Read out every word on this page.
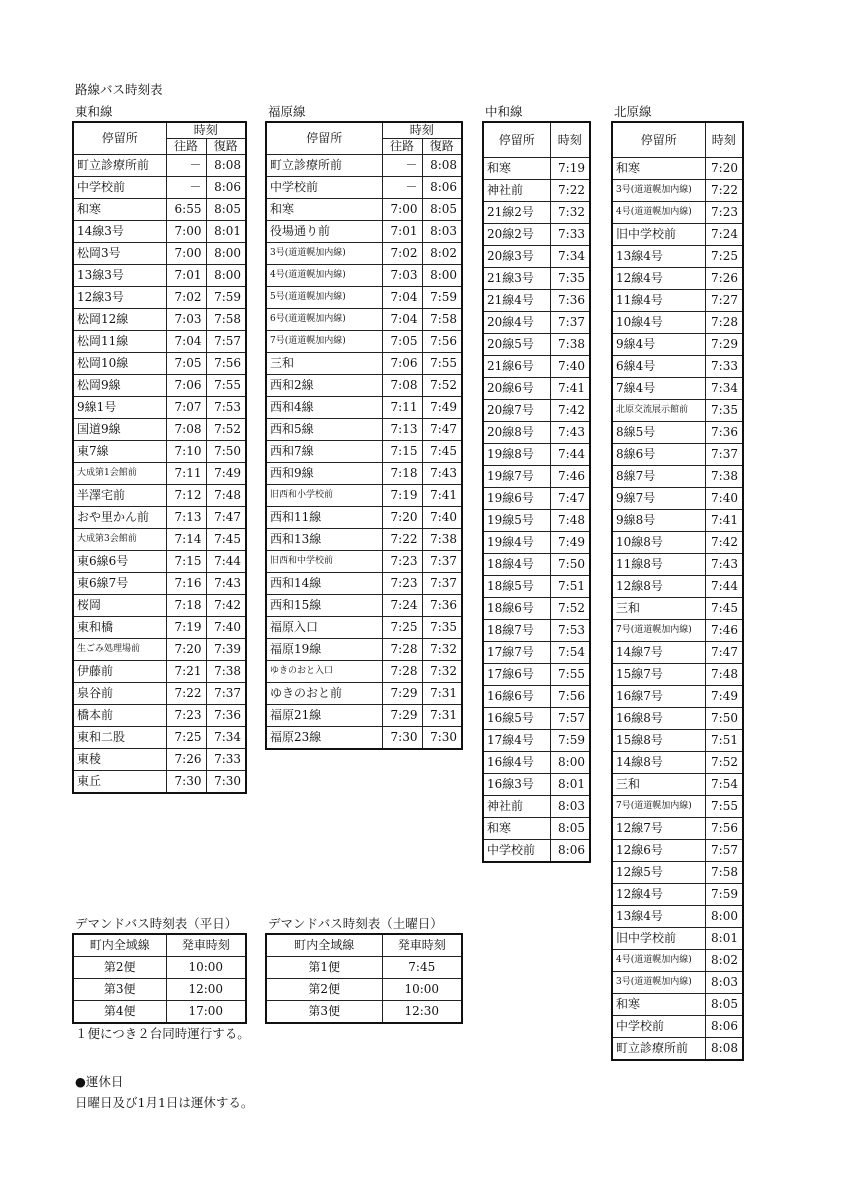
路線バス時刻表
東和線	福原線	中和線	北原線
停留所	時刻	
	往路	復路
町立診療所前	－	8:08
中学校前	－	8:06
和寒	6:55	8:05
14線3号	7:00	8:01
松岡3号	7:00	8:00
13線3号	7:01	8:00
12線3号	7:02	7:59
松岡12線	7:03	7:58
松岡11線	7:04	7:57
松岡10線	7:05	7:56
松岡9線	7:06	7:55
9線1号	7:07	7:53
国道9線	7:08	7:52
東7線	7:10	7:50
大成第1会館前	7:11	7:49
半澤宅前	7:12	7:48
おや里かん前	7:13	7:47
大成第3会館前	7:14	7:45
東6線6号	7:15	7:44
東6線7号	7:16	7:43
桜岡	7:18	7:42
東和橋	7:19	7:40
生ごみ処理場前	7:20	7:39
伊藤前	7:21	7:38
泉谷前	7:22	7:37
橋本前	7:23	7:36
東和二股	7:25	7:34
東稜	7:26	7:33
東丘	7:30	7:30
停留所	時刻	
	往路	復路
町立診療所前	－	8:08
中学校前	－	8:06
和寒	7:00	8:05
役場通り前	7:01	8:03
3号(道道幌加内線)	7:02	8:02
4号(道道幌加内線)	7:03	8:00
5号(道道幌加内線)	7:04	7:59
6号(道道幌加内線)	7:04	7:58
7号(道道幌加内線)	7:05	7:56
三和	7:06	7:55
西和2線	7:08	7:52
西和4線	7:11	7:49
西和5線	7:13	7:47
西和7線	7:15	7:45
西和9線	7:18	7:43
旧西和小学校前	7:19	7:41
西和11線	7:20	7:40
西和13線	7:22	7:38
旧西和中学校前	7:23	7:37
西和14線	7:23	7:37
西和15線	7:24	7:36
福原入口	7:25	7:35
福原19線	7:28	7:32
ゆきのおと入口	7:28	7:32
ゆきのおと前	7:29	7:31
福原21線	7:29	7:31
福原23線	7:30	7:30
停留所	時刻
和寒	7:19
神社前	7:22
21線2号	7:32
20線2号	7:33
20線3号	7:34
21線3号	7:35
21線4号	7:36
20線4号	7:37
20線5号	7:38
21線6号	7:40
20線6号	7:41
20線7号	7:42
20線8号	7:43
19線8号	7:44
19線7号	7:46
19線6号	7:47
19線5号	7:48
19線4号	7:49
18線4号	7:50
18線5号	7:51
18線6号	7:52
18線7号	7:53
17線7号	7:54
17線6号	7:55
16線6号	7:56
16線5号	7:57
17線4号	7:59
16線4号	8:00
16線3号	8:01
神社前	8:03
和寒	8:05
中学校前	8:06
停留所	時刻
和寒	7:20
3号(道道幌加内線)	7:22
4号(道道幌加内線)	7:23
旧中学校前	7:24
13線4号	7:25
12線4号	7:26
11線4号	7:27
10線4号	7:28
9線4号	7:29
6線4号	7:33
7線4号	7:34
北原交流展示館前	7:35
8線5号	7:36
8線6号	7:37
8線7号	7:38
9線7号	7:40
9線8号	7:41
10線8号	7:42
11線8号	7:43
12線8号	7:44
三和	7:45
7号(道道幌加内線)	7:46
14線7号	7:47
15線7号	7:48
16線7号	7:49
16線8号	7:50
15線8号	7:51
14線8号	7:52
三和	7:54
7号(道道幌加内線)	7:55
12線7号	7:56
12線6号	7:57
12線5号	7:58
12線4号	7:59
13線4号	8:00
旧中学校前	8:01
4号(道道幌加内線)	8:02
3号(道道幌加内線)	8:03
和寒	8:05
中学校前	8:06
町立診療所前	8:08
デマンドバス時刻表（平日） デマンドバス時刻表（土曜日）
町内全域線	発車時刻
第2便	10:00
第3便	12:00
第4便	17:00
町内全域線	発車時刻
第1便	7:45
第2便	10:00
第3便	12:30
１便につき２台同時運行する。
●運休日
日曜日及び1月1日は運休する。
